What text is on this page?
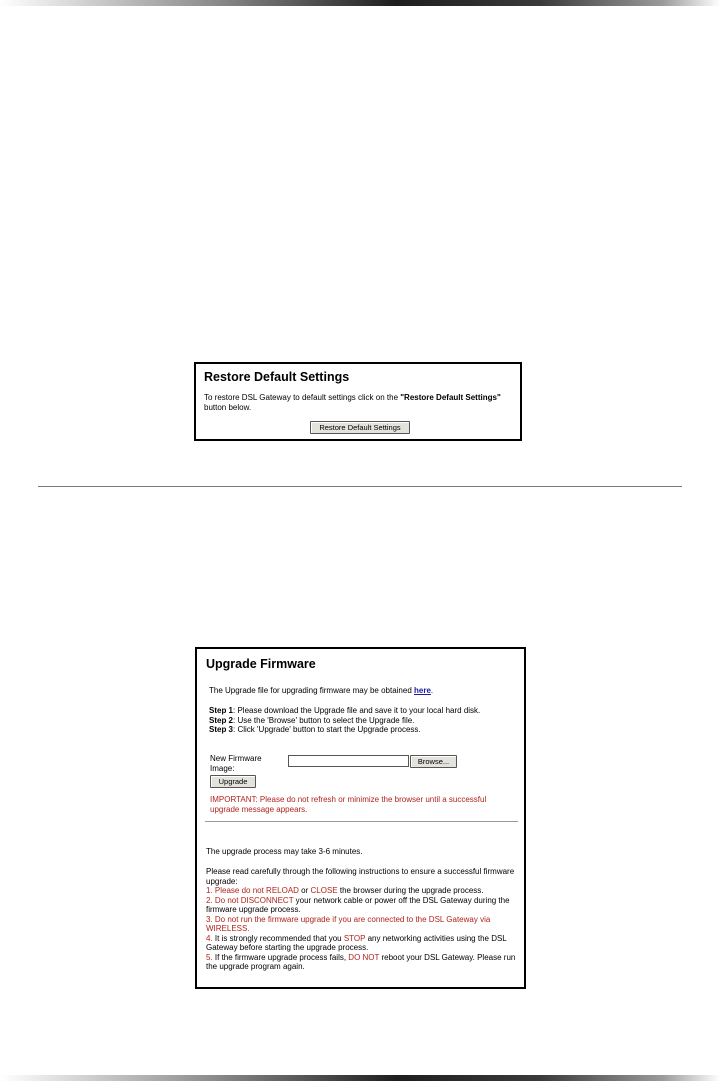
Restore Default Settings
To restore DSL Gateway to default settings click on the "Restore Default Settings" button below.
Restore Default Settings
Upgrade Firmware
The Upgrade file for upgrading firmware may be obtained here.
Step 1: Please download the Upgrade file and save it to your local hard disk.
Step 2: Use the 'Browse' button to select the Upgrade file.
Step 3: Click 'Upgrade' button to start the Upgrade process.
New Firmware Image:
Browse...
Upgrade
IMPORTANT: Please do not refresh or minimize the browser until a successful upgrade message appears.
The upgrade process may take 3-6 minutes.
Please read carefully through the following instructions to ensure a successful firmware upgrade:
1. Please do not RELOAD or CLOSE the browser during the upgrade process.
2. Do not DISCONNECT your network cable or power off the DSL Gateway during the firmware upgrade process.
3. Do not run the firmware upgrade if you are connected to the DSL Gateway via WIRELESS.
4. It is strongly recommended that you STOP any networking activities using the DSL Gateway before starting the upgrade process.
5. If the firmware upgrade process fails, DO NOT reboot your DSL Gateway. Please run the upgrade program again.
